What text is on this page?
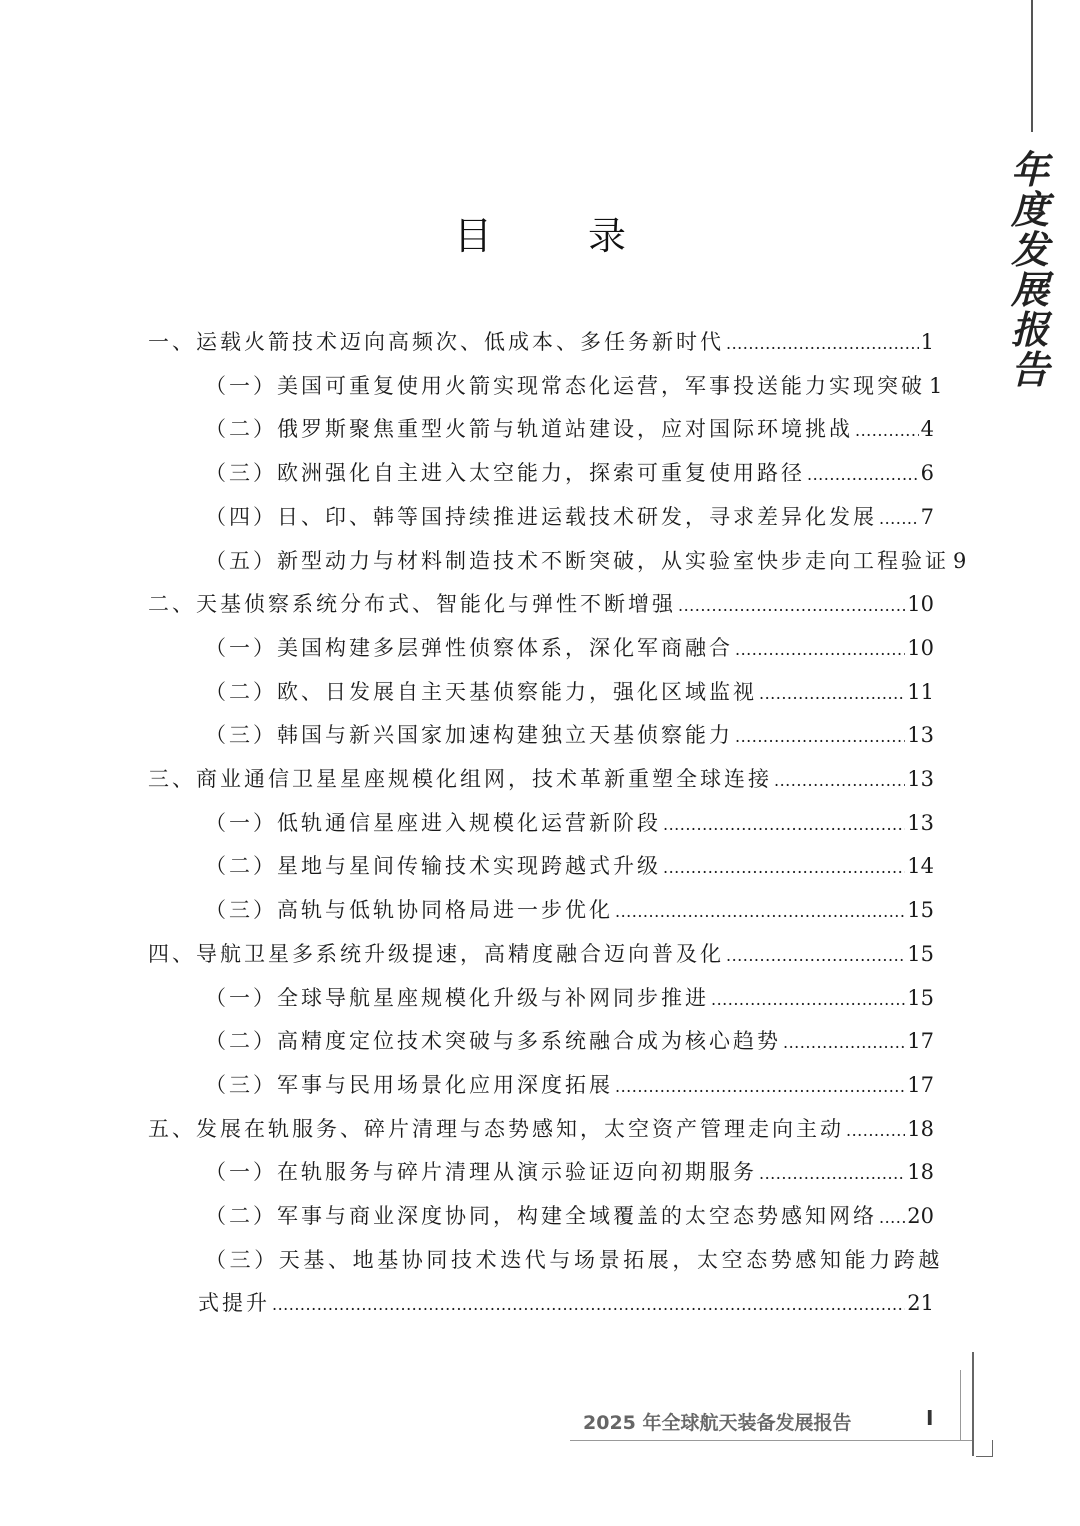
年
度
发
展
报
告
目 录
一、运载火箭技术迈向高频次、低成本、多任务新时代 .....	1
（一）美国可重复使用火箭实现常态化运营，军事投送能力实现突破 1
（二）俄罗斯聚焦重型火箭与轨道站建设，应对国际环境挑战 .....	4
（三）欧洲强化自主进入太空能力，探索可重复使用路径 .....	6
（四）日、印、韩等国持续推进运载技术研发，寻求差异化发展 ..... 7
（五）新型动力与材料制造技术不断突破，从实验室快步走向工程验证 9
二、天基侦察系统分布式、智能化与弹性不断增强 .....	10
（一）美国构建多层弹性侦察体系，深化军商融合 .....	10
（二）欧、日发展自主天基侦察能力，强化区域监视 .....	11
（三）韩国与新兴国家加速构建独立天基侦察能力 .....	13
三、商业通信卫星星座规模化组网，技术革新重塑全球连接 .....	13
（一）低轨通信星座进入规模化运营新阶段 .....	13
（二）星地与星间传输技术实现跨越式升级 .....	14
（三）高轨与低轨协同格局进一步优化 .....	15
四、导航卫星多系统升级提速，高精度融合迈向普及化 .....	15
（一）全球导航星座规模化升级与补网同步推进 .....	15
（二）高精度定位技术突破与多系统融合成为核心趋势 .....	17
（三）军事与民用场景化应用深度拓展 .....	17
五、发展在轨服务、碎片清理与态势感知，太空资产管理走向主动 .....	18
（一）在轨服务与碎片清理从演示验证迈向初期服务 .....	18
（二）军事与商业深度协同，构建全域覆盖的太空态势感知网络 ..... 20
（三）天基、地基协同技术迭代与场景拓展，太空态势感知能力跨越
式提升 .....	21
2025 年全球航天装备发展报告	I
